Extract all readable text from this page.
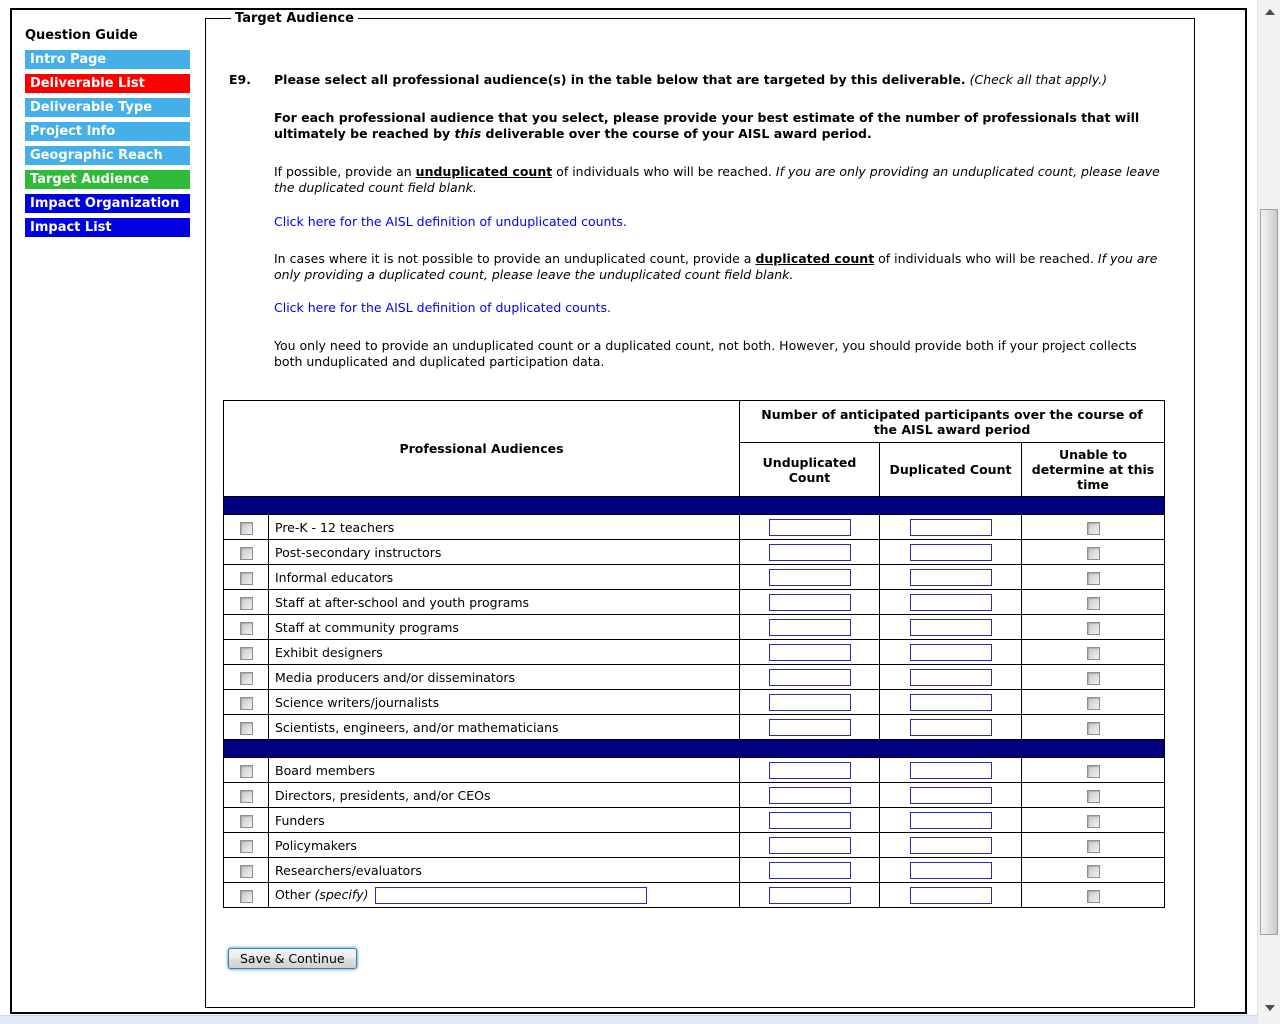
Question Guide
Intro Page
Deliverable List
Deliverable Type
Project Info
Geographic Reach
Target Audience
Impact Organization
Impact List
Target Audience
E9.	Please select all professional audience(s) in the table below that are targeted by this deliverable. (Check all that apply.)
For each professional audience that you select, please provide your best estimate of the number of professionals that will ultimately be reached by this deliverable over the course of your AISL award period.
If possible, provide an unduplicated count of individuals who will be reached. If you are only providing an unduplicated count, please leave the duplicated count field blank.
Click here for the AISL definition of unduplicated counts.
In cases where it is not possible to provide an unduplicated count, provide a duplicated count of individuals who will be reached. If you are only providing a duplicated count, please leave the unduplicated count field blank.
Click here for the AISL definition of duplicated counts.
You only need to provide an unduplicated count or a duplicated count, not both. However, you should provide both if your project collects both unduplicated and duplicated participation data.
Professional Audiences		Number of anticipated participants over the course of the AISL award period		
		Unduplicated Count	Duplicated Count	Unable to determine at this time

	Pre-K - 12 teachers			
	Post-secondary instructors			
	Informal educators			
	Staff at after-school and youth programs			
	Staff at community programs			
	Exhibit designers			
	Media producers and/or disseminators			
	Science writers/journalists			
	Scientists, engineers, and/or mathematicians			

	Board members			
	Directors, presidents, and/or CEOs			
	Funders			
	Policymakers			
	Researchers/evaluators			
	Other (specify)			
Save & Continue
